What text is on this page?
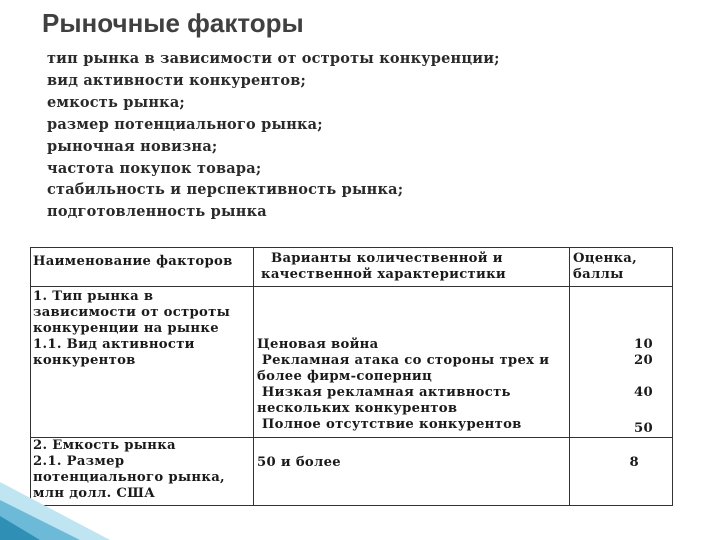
Рыночные факторы
тип рынка в зависимости от остроты конкуренции;
вид активности конкурентов;
емкость рынка;
размер потенциального рынка;
рыночная новизна;
частота покупок товара;
стабильность и перспективность рынка;
подготовленность рынка
Наименование факторов	Варианты количественной и
качественной характеристики
Оценка,
баллы
1. Тип рынка в
зависимости от остроты
конкуренции на рынке
1.1. Вид активности
конкурентов
Ценовая война
Рекламная атака со стороны трех и
более фирм-соперниц
Низкая рекламная активность
нескольких конкурентов
Полное отсутствие конкурентов
10
20
40
50
2. Емкость рынка
2.1. Размер
потенциального рынка,
млн долл. США
50 и более	8
